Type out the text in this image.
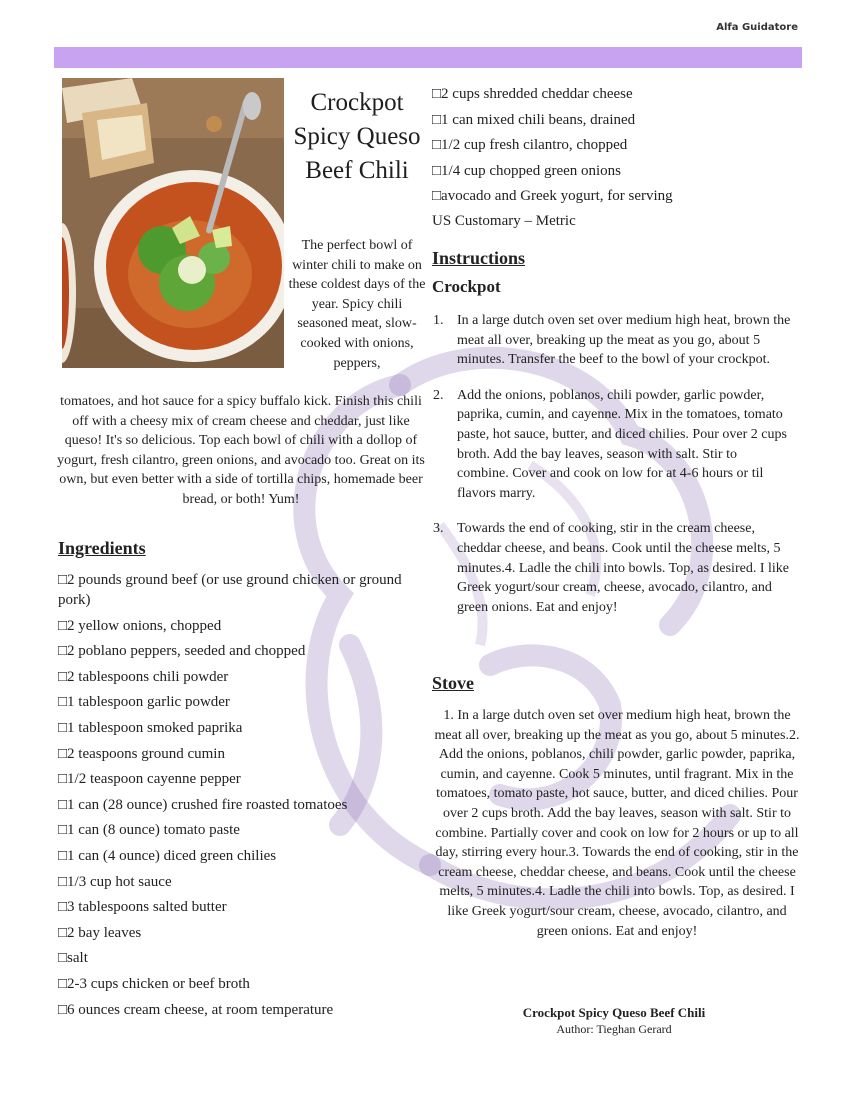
Alfa Guidatore
Crockpot Spicy Queso Beef Chili

The perfect bowl of winter chili to make on these coldest days of the year. Spicy chili seasoned meat, slow-cooked with onions, peppers,

tomatoes, and hot sauce for a spicy buffalo kick. Finish this chili off with a cheesy mix of cream cheese and cheddar, just like queso! It's so delicious. Top each bowl of chili with a dollop of yogurt, fresh cilantro, green onions, and avocado too. Great on its own, but even better with a side of tortilla chips, homemade beer bread, or both! Yum!

Ingredients
□2 pounds ground beef (or use ground chicken or ground pork)
□2 yellow onions, chopped
□2 poblano peppers, seeded and chopped
□2 tablespoons chili powder
□1 tablespoon garlic powder
□1 tablespoon smoked paprika
□2 teaspoons ground cumin
□1/2 teaspoon cayenne pepper
□1 can (28 ounce) crushed fire roasted tomatoes
□1 can (8 ounce) tomato paste
□1 can (4 ounce) diced green chilies
□1/3 cup hot sauce
□3 tablespoons salted butter
□2 bay leaves
□salt
□2-3 cups chicken or beef broth
□6 ounces cream cheese, at room temperature
□2 cups shredded cheddar cheese
□1 can mixed chili beans, drained
□1/2 cup fresh cilantro, chopped
□1/4 cup chopped green onions
□avocado and Greek yogurt, for serving

US Customary – Metric

Instructions
Crockpot
1. In a large dutch oven set over medium high heat, brown the meat all over, breaking up the meat as you go, about 5 minutes. Transfer the beef to the bowl of your crockpot.
2. Add the onions, poblanos, chili powder, garlic powder, paprika, cumin, and cayenne. Mix in the tomatoes, tomato paste, hot sauce, butter, and diced chilies. Pour over 2 cups broth. Add the bay leaves, season with salt. Stir to combine. Cover and cook on low for at 4-6 hours or til flavors marry.
3. Towards the end of cooking, stir in the cream cheese, cheddar cheese, and beans. Cook until the cheese melts, 5 minutes.4. Ladle the chili into bowls. Top, as desired. I like Greek yogurt/sour cream, cheese, avocado, cilantro, and green onions. Eat and enjoy!
Stove

1. In a large dutch oven set over medium high heat, brown the meat all over, breaking up the meat as you go, about 5 minutes.2. Add the onions, poblanos, chili powder, garlic powder, paprika, cumin, and cayenne. Cook 5 minutes, until fragrant. Mix in the tomatoes, tomato paste, hot sauce, butter, and diced chilies. Pour over 2 cups broth. Add the bay leaves, season with salt. Stir to combine. Partially cover and cook on low for 2 hours or up to all day, stirring every hour.3. Towards the end of cooking, stir in the cream cheese, cheddar cheese, and beans. Cook until the cheese melts, 5 minutes.4. Ladle the chili into bowls. Top, as desired. I like Greek yogurt/sour cream, cheese, avocado, cilantro, and green onions. Eat and enjoy!

Crockpot Spicy Queso Beef Chili

Author: Tieghan Gerard
